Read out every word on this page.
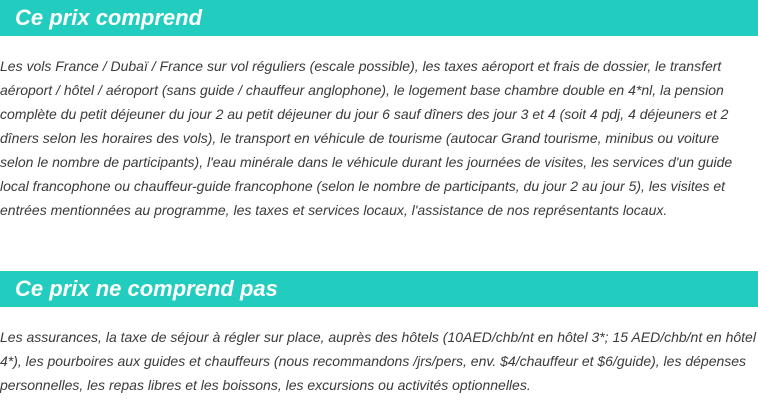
Ce prix comprend

Les vols France / Dubaï / France sur vol réguliers (escale possible), les taxes aéroport et frais de dossier, le transfert aéroport / hôtel / aéroport (sans guide / chauffeur anglophone), le logement base chambre double en 4*nl, la pension complète du petit déjeuner du jour 2 au petit déjeuner du jour 6 sauf dîners des jour 3 et 4 (soit 4 pdj, 4 déjeuners et 2 dîners selon les horaires des vols), le transport en véhicule de tourisme (autocar Grand tourisme, minibus ou voiture selon le nombre de participants), l'eau minérale dans le véhicule durant les journées de visites, les services d'un guide local francophone ou chauffeur-guide francophone (selon le nombre de participants, du jour 2 au jour 5), les visites et entrées mentionnées au programme, les taxes et services locaux, l'assistance de nos représentants locaux.

Ce prix ne comprend pas

Les assurances, la taxe de séjour à régler sur place, auprès des hôtels (10AED/chb/nt en hôtel 3*; 15 AED/chb/nt en hôtel 4*), les pourboires aux guides et chauffeurs (nous recommandons /jrs/pers, env. $4/chauffeur et $6/guide), les dépenses personnelles, les repas libres et les boissons, les excursions ou activités optionnelles.
